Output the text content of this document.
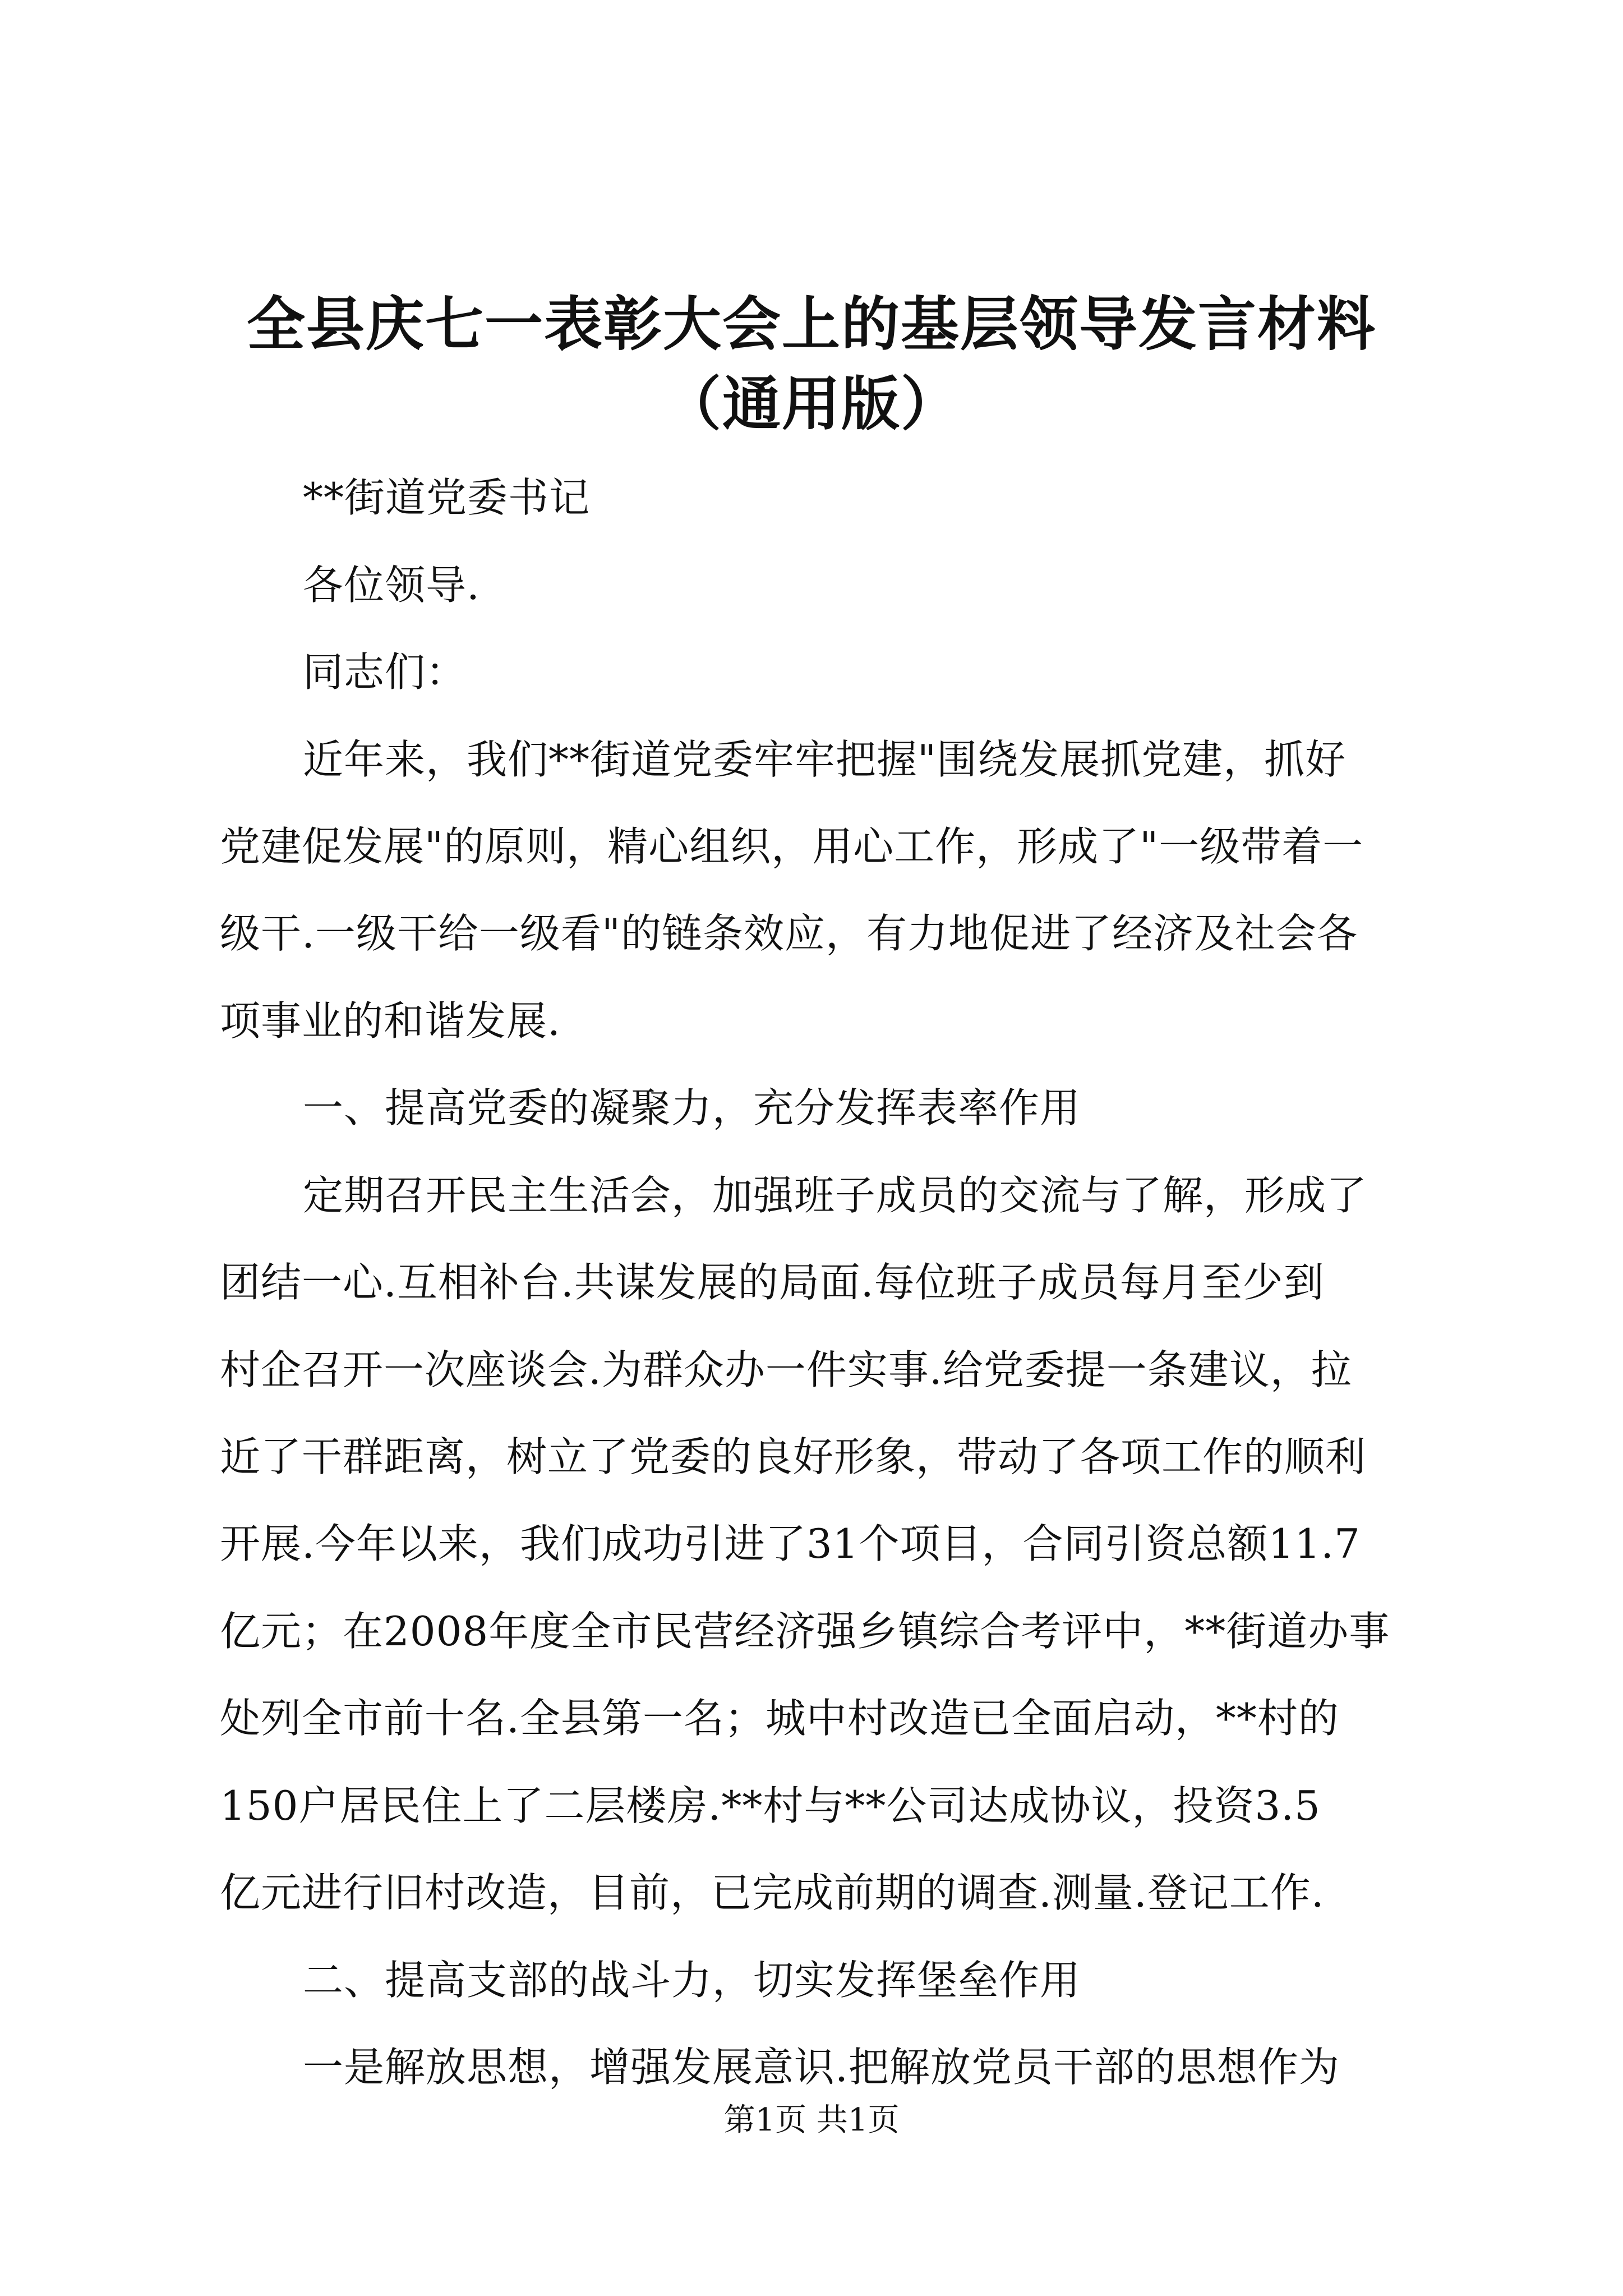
全县庆七一表彰大会上的基层领导发言材料
（通用版）
**街道党委书记
各位领导.
同志们：
近年来，我们**街道党委牢牢把握"围绕发展抓党建，抓好
党建促发展"的原则，精心组织，用心工作，形成了"一级带着一
级干.一级干给一级看"的链条效应，有力地促进了经济及社会各
项事业的和谐发展.
一、提高党委的凝聚力，充分发挥表率作用
定期召开民主生活会，加强班子成员的交流与了解，形成了
团结一心.互相补台.共谋发展的局面.每位班子成员每月至少到
村企召开一次座谈会.为群众办一件实事.给党委提一条建议，拉
近了干群距离，树立了党委的良好形象，带动了各项工作的顺利
开展.今年以来，我们成功引进了31个项目，合同引资总额11.7
亿元；在2008年度全市民营经济强乡镇综合考评中，**街道办事
处列全市前十名.全县第一名；城中村改造已全面启动，**村的
150户居民住上了二层楼房.**村与**公司达成协议，投资3.5
亿元进行旧村改造，目前，已完成前期的调查.测量.登记工作.
二、提高支部的战斗力，切实发挥堡垒作用
一是解放思想，增强发展意识.把解放党员干部的思想作为
第1页 共1页
